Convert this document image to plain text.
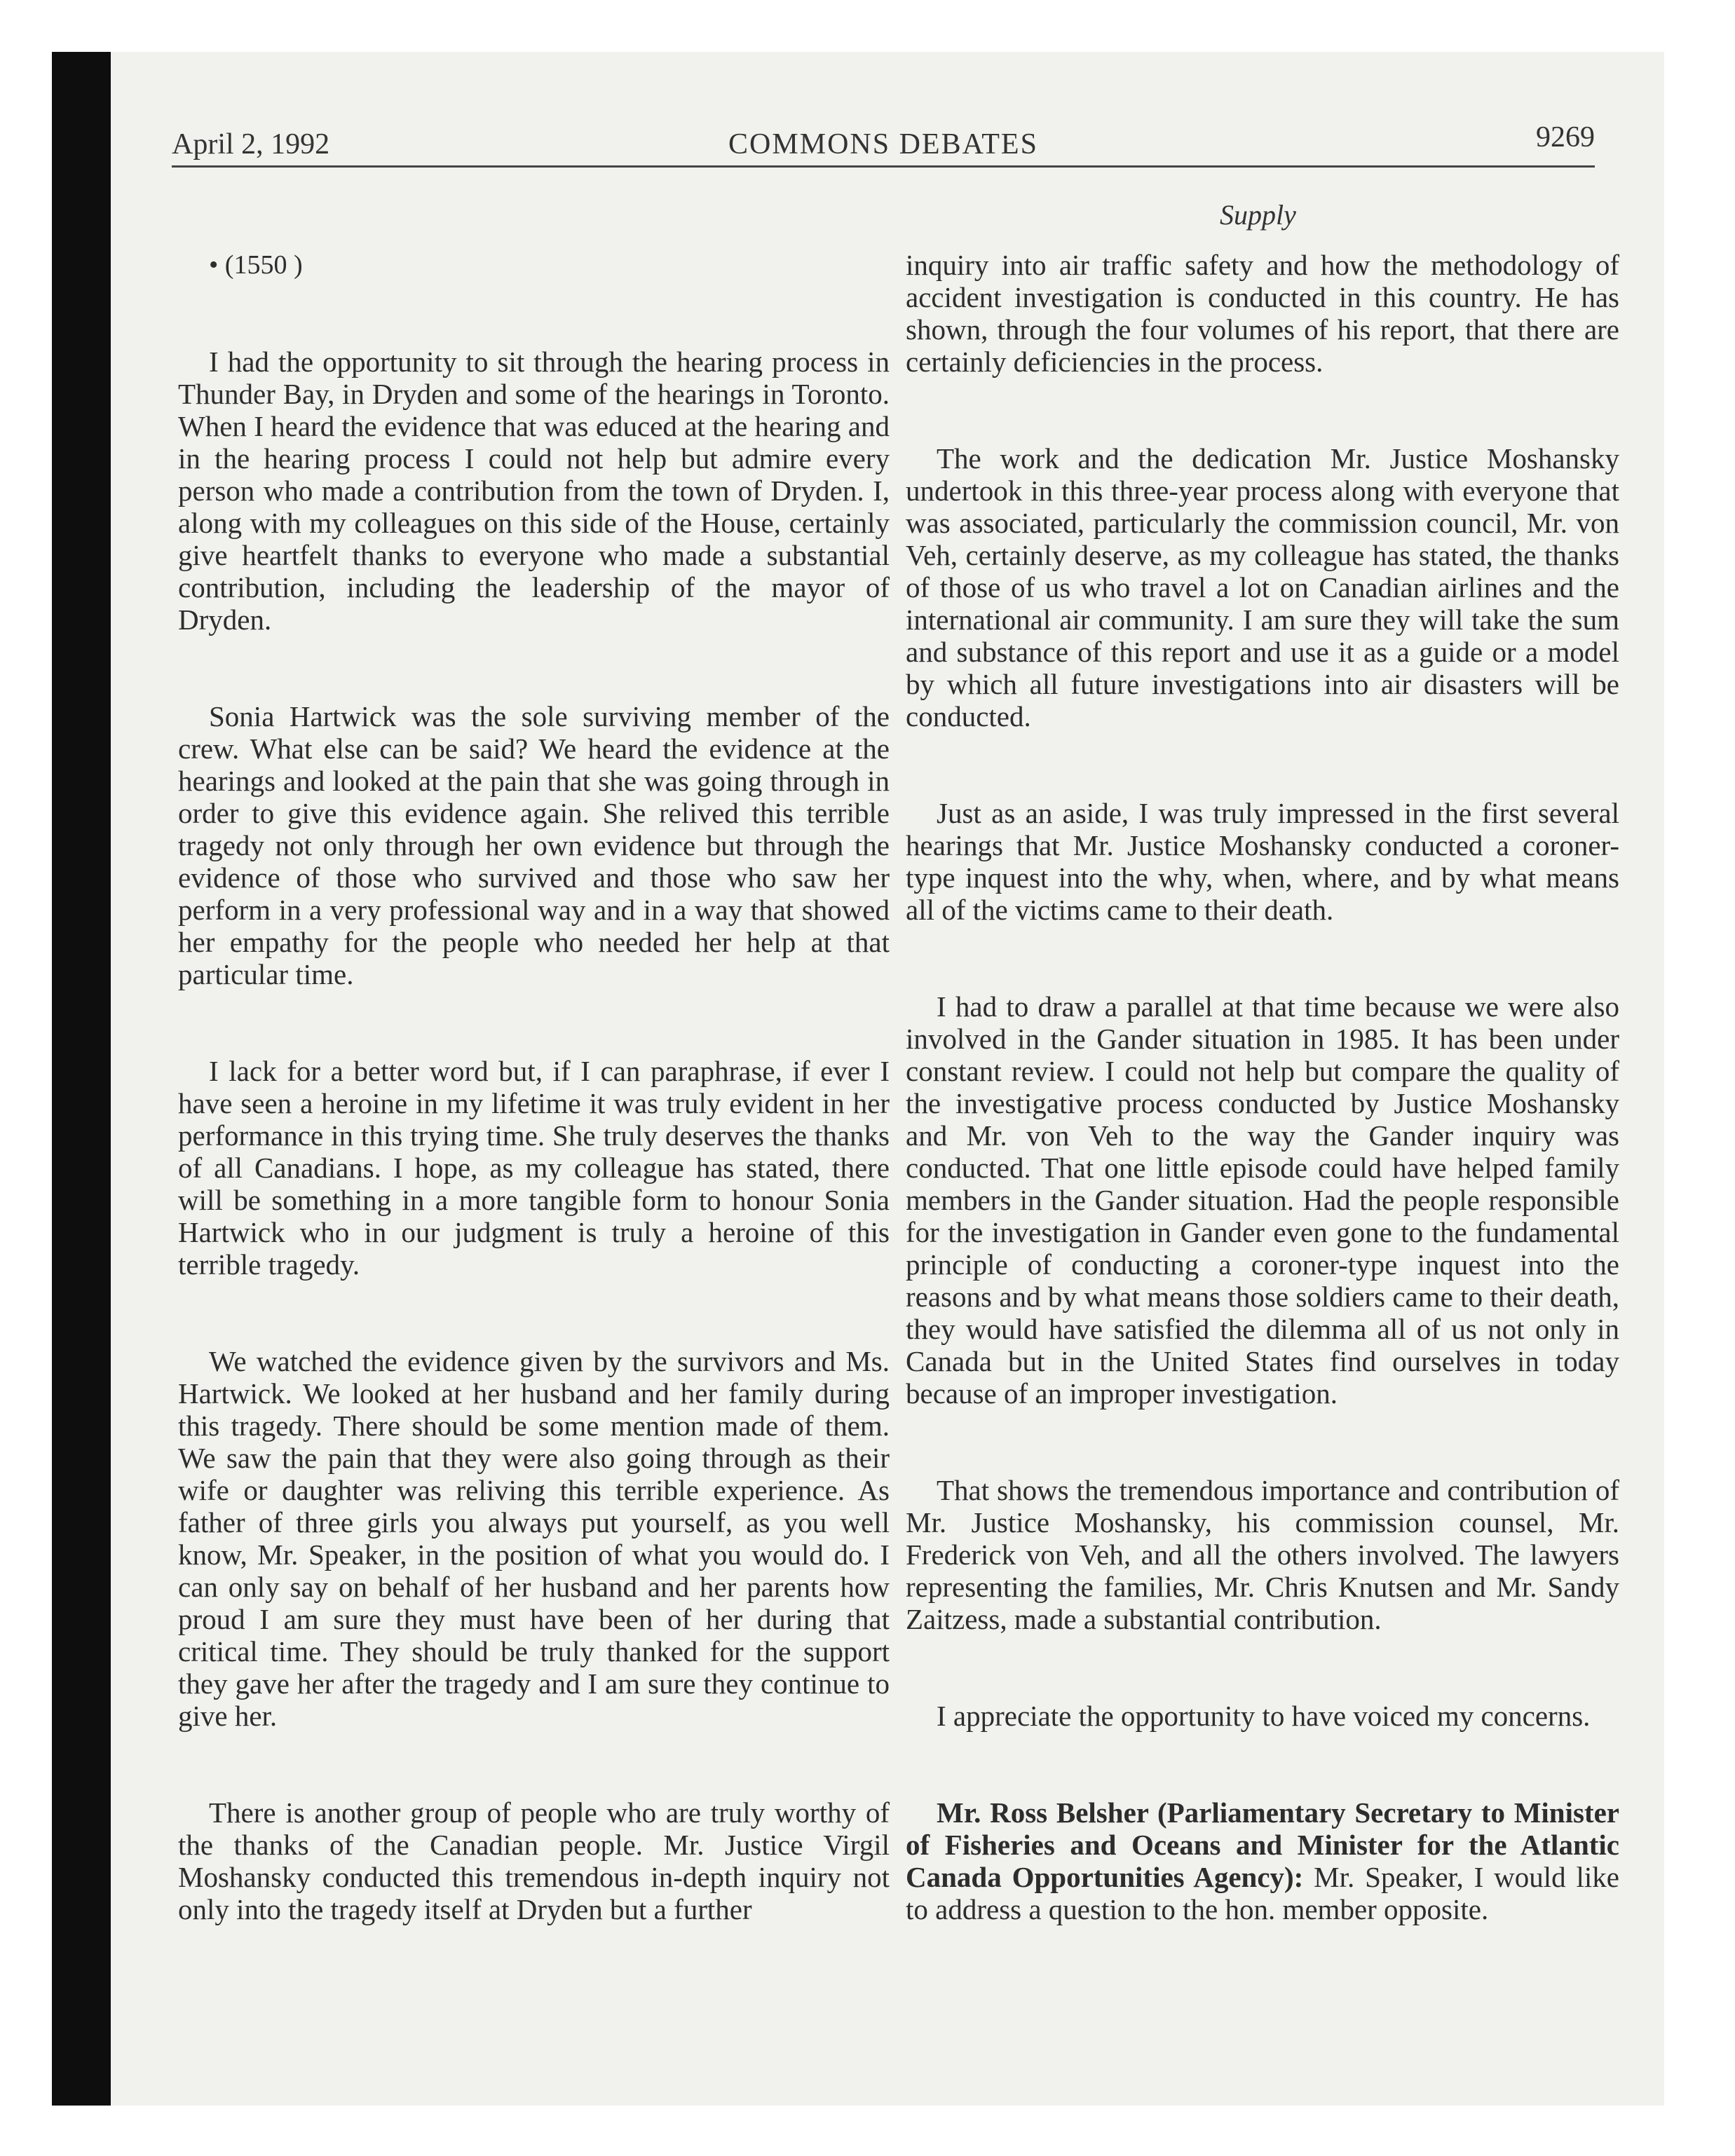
April 2, 1992	COMMONS DEBATES	9269
Supply

• (1550 )

I had the opportunity to sit through the hearing process in Thunder Bay, in Dryden and some of the hearings in Toronto. When I heard the evidence that was educed at the hearing and in the hearing process I could not help but admire every person who made a contribution from the town of Dryden. I, along with my colleagues on this side of the House, certainly give heartfelt thanks to everyone who made a substantial contribution, including the leadership of the mayor of Dryden.

Sonia Hartwick was the sole surviving member of the crew. What else can be said? We heard the evidence at the hearings and looked at the pain that she was going through in order to give this evidence again. She relived this terrible tragedy not only through her own evidence but through the evidence of those who survived and those who saw her perform in a very professional way and in a way that showed her empathy for the people who needed her help at that particular time.

I lack for a better word but, if I can paraphrase, if ever I have seen a heroine in my lifetime it was truly evident in her performance in this trying time. She truly deserves the thanks of all Canadians. I hope, as my colleague has stated, there will be something in a more tangible form to honour Sonia Hartwick who in our judgment is truly a heroine of this terrible tragedy.

We watched the evidence given by the survivors and Ms. Hartwick. We looked at her husband and her family during this tragedy. There should be some mention made of them. We saw the pain that they were also going through as their wife or daughter was reliving this terrible experience. As father of three girls you always put yourself, as you well know, Mr. Speaker, in the position of what you would do. I can only say on behalf of her husband and her parents how proud I am sure they must have been of her during that critical time. They should be truly thanked for the support they gave her after the tragedy and I am sure they continue to give her.

There is another group of people who are truly worthy of the thanks of the Canadian people. Mr. Justice Virgil Moshansky conducted this tremendous in-depth inquiry not only into the tragedy itself at Dryden but a further

inquiry into air traffic safety and how the methodology of accident investigation is conducted in this country. He has shown, through the four volumes of his report, that there are certainly deficiencies in the process.

The work and the dedication Mr. Justice Moshansky undertook in this three-year process along with everyone that was associated, particularly the commission council, Mr. von Veh, certainly deserve, as my colleague has stated, the thanks of those of us who travel a lot on Canadian airlines and the international air community. I am sure they will take the sum and substance of this report and use it as a guide or a model by which all future investigations into air disasters will be conducted.

Just as an aside, I was truly impressed in the first several hearings that Mr. Justice Moshansky conducted a coroner-type inquest into the why, when, where, and by what means all of the victims came to their death.

I had to draw a parallel at that time because we were also involved in the Gander situation in 1985. It has been under constant review. I could not help but compare the quality of the investigative process conducted by Justice Moshansky and Mr. von Veh to the way the Gander inquiry was conducted. That one little episode could have helped family members in the Gander situation. Had the people responsible for the investigation in Gander even gone to the fundamental principle of conducting a coroner-type inquest into the reasons and by what means those soldiers came to their death, they would have satisfied the dilemma all of us not only in Canada but in the United States find ourselves in today because of an improper investigation.

That shows the tremendous importance and contribution of Mr. Justice Moshansky, his commission counsel, Mr. Frederick von Veh, and all the others involved. The lawyers representing the families, Mr. Chris Knutsen and Mr. Sandy Zaitzess, made a substantial contribution.

I appreciate the opportunity to have voiced my concerns.

Mr. Ross Belsher (Parliamentary Secretary to Minister of Fisheries and Oceans and Minister for the Atlantic Canada Opportunities Agency): Mr. Speaker, I would like to address a question to the hon. member opposite.
